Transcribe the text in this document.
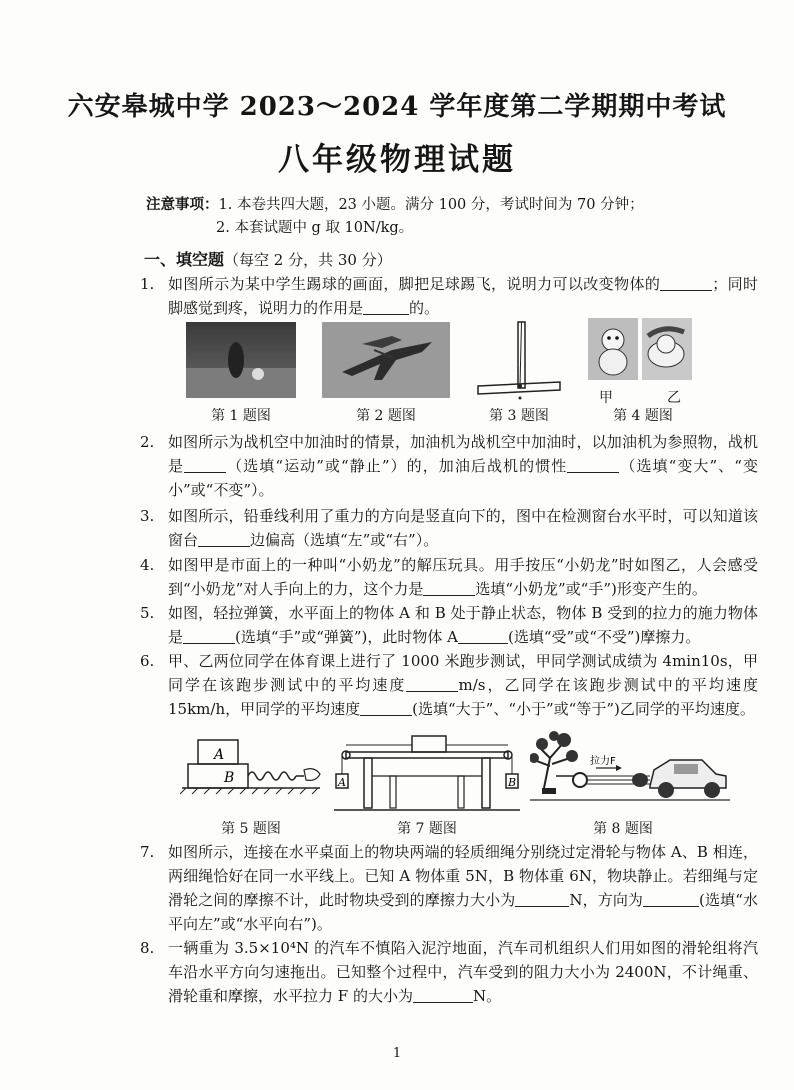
六安皋城中学 2023～2024 学年度第二学期期中考试
八年级物理试题
注意事项：1. 本卷共四大题，23 小题。满分 100 分，考试时间为 70 分钟；
2. 本套试题中 g 取 10N/kg。
一、填空题（每空 2 分，共 30 分）
1. 如图所示为某中学生踢球的画面，脚把足球踢飞，说明力可以改变物体的	；同时脚感觉到疼，说明力的作用是	的。
第 1 题图	第 2 题图	第 3 题图
甲	乙
第 4 题图
2. 如图所示为战机空中加油时的情景，加油机为战机空中加油时，以加油机为参照物，战机是	（选填“运动”或“静止”）的，加油后战机的惯性	（选填“变大”、“变小”或“不变”）。
3. 如图所示，铅垂线利用了重力的方向是竖直向下的，图中在检测窗台水平时，可以知道该窗台	边偏高（选填“左”或“右”）。
4. 如图甲是市面上的一种叫“小奶龙”的解压玩具。用手按压“小奶龙”时如图乙，人会感受到“小奶龙”对人手向上的力，这个力是	选填“小奶龙”或“手”)形变产生的。
5. 如图，轻拉弹簧，水平面上的物体 A 和 B 处于静止状态，物体 B 受到的拉力的施力物体是	(选填“手”或“弹簧”)，此时物体 A	(选填“受”或“不受”)摩擦力。
6. 甲、乙两位同学在体育课上进行了 1000 米跑步测试，甲同学测试成绩为 4min10s，甲同学在该跑步测试中的平均速度	m/s，乙同学在该跑步测试中的平均速度 15km/h，甲同学的平均速度	(选填“大于”、“小于”或“等于”)乙同学的平均速度。
A
B
第 5 题图
A	B
第 7 题图
拉力F
第 8 题图
7. 如图所示，连接在水平桌面上的物块两端的轻质细绳分别绕过定滑轮与物体 A、B 相连，两细绳恰好在同一水平线上。已知 A 物体重 5N，B 物体重 6N，物块静止。若细绳与定滑轮之间的摩擦不计，此时物块受到的摩擦力大小为	N，方向为	(选填“水平向左”或“水平向右”)。
8. 一辆重为 3.5×10⁴N 的汽车不慎陷入泥泞地面，汽车司机组织人们用如图的滑轮组将汽车沿水平方向匀速拖出。已知整个过程中，汽车受到的阻力大小为 2400N，不计绳重、滑轮重和摩擦，水平拉力 F 的大小为	N。
1
